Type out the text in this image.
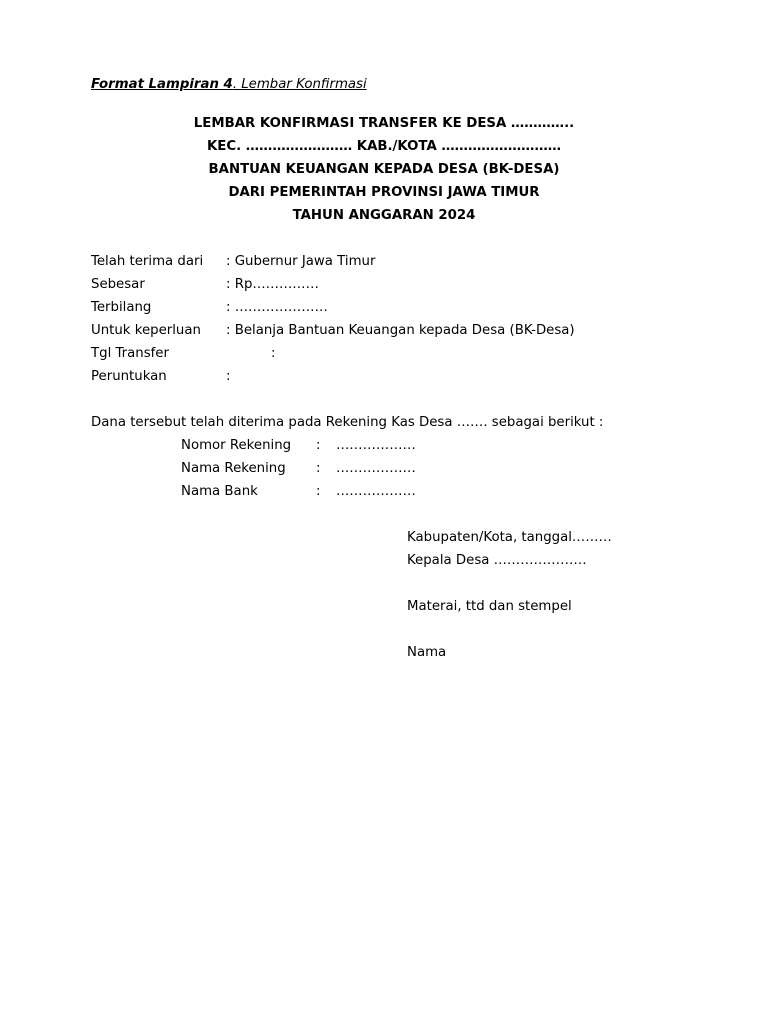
Format Lampiran 4. Lembar Konfirmasi
LEMBAR KONFIRMASI TRANSFER KE DESA …………..
KEC. …………………… KAB./KOTA ………………………
BANTUAN KEUANGAN KEPADA DESA (BK-DESA)
DARI PEMERINTAH PROVINSI JAWA TIMUR
TAHUN ANGGARAN 2024
Telah terima dari : Gubernur Jawa Timur
Sebesar	: Rp……………
Terbilang	: …………………
Untuk keperluan : Belanja Bantuan Keuangan kepada Desa (BK-Desa)
Tgl Transfer	:
Peruntukan	:
Dana tersebut telah diterima pada Rekening Kas Desa ……. sebagai berikut :
Nomor Rekening : ………………
Nama Rekening : ………………
Nama Bank	: ………………
Kabupaten/Kota, tanggal………
Kepala Desa …………………
Materai, ttd dan stempel
Nama
